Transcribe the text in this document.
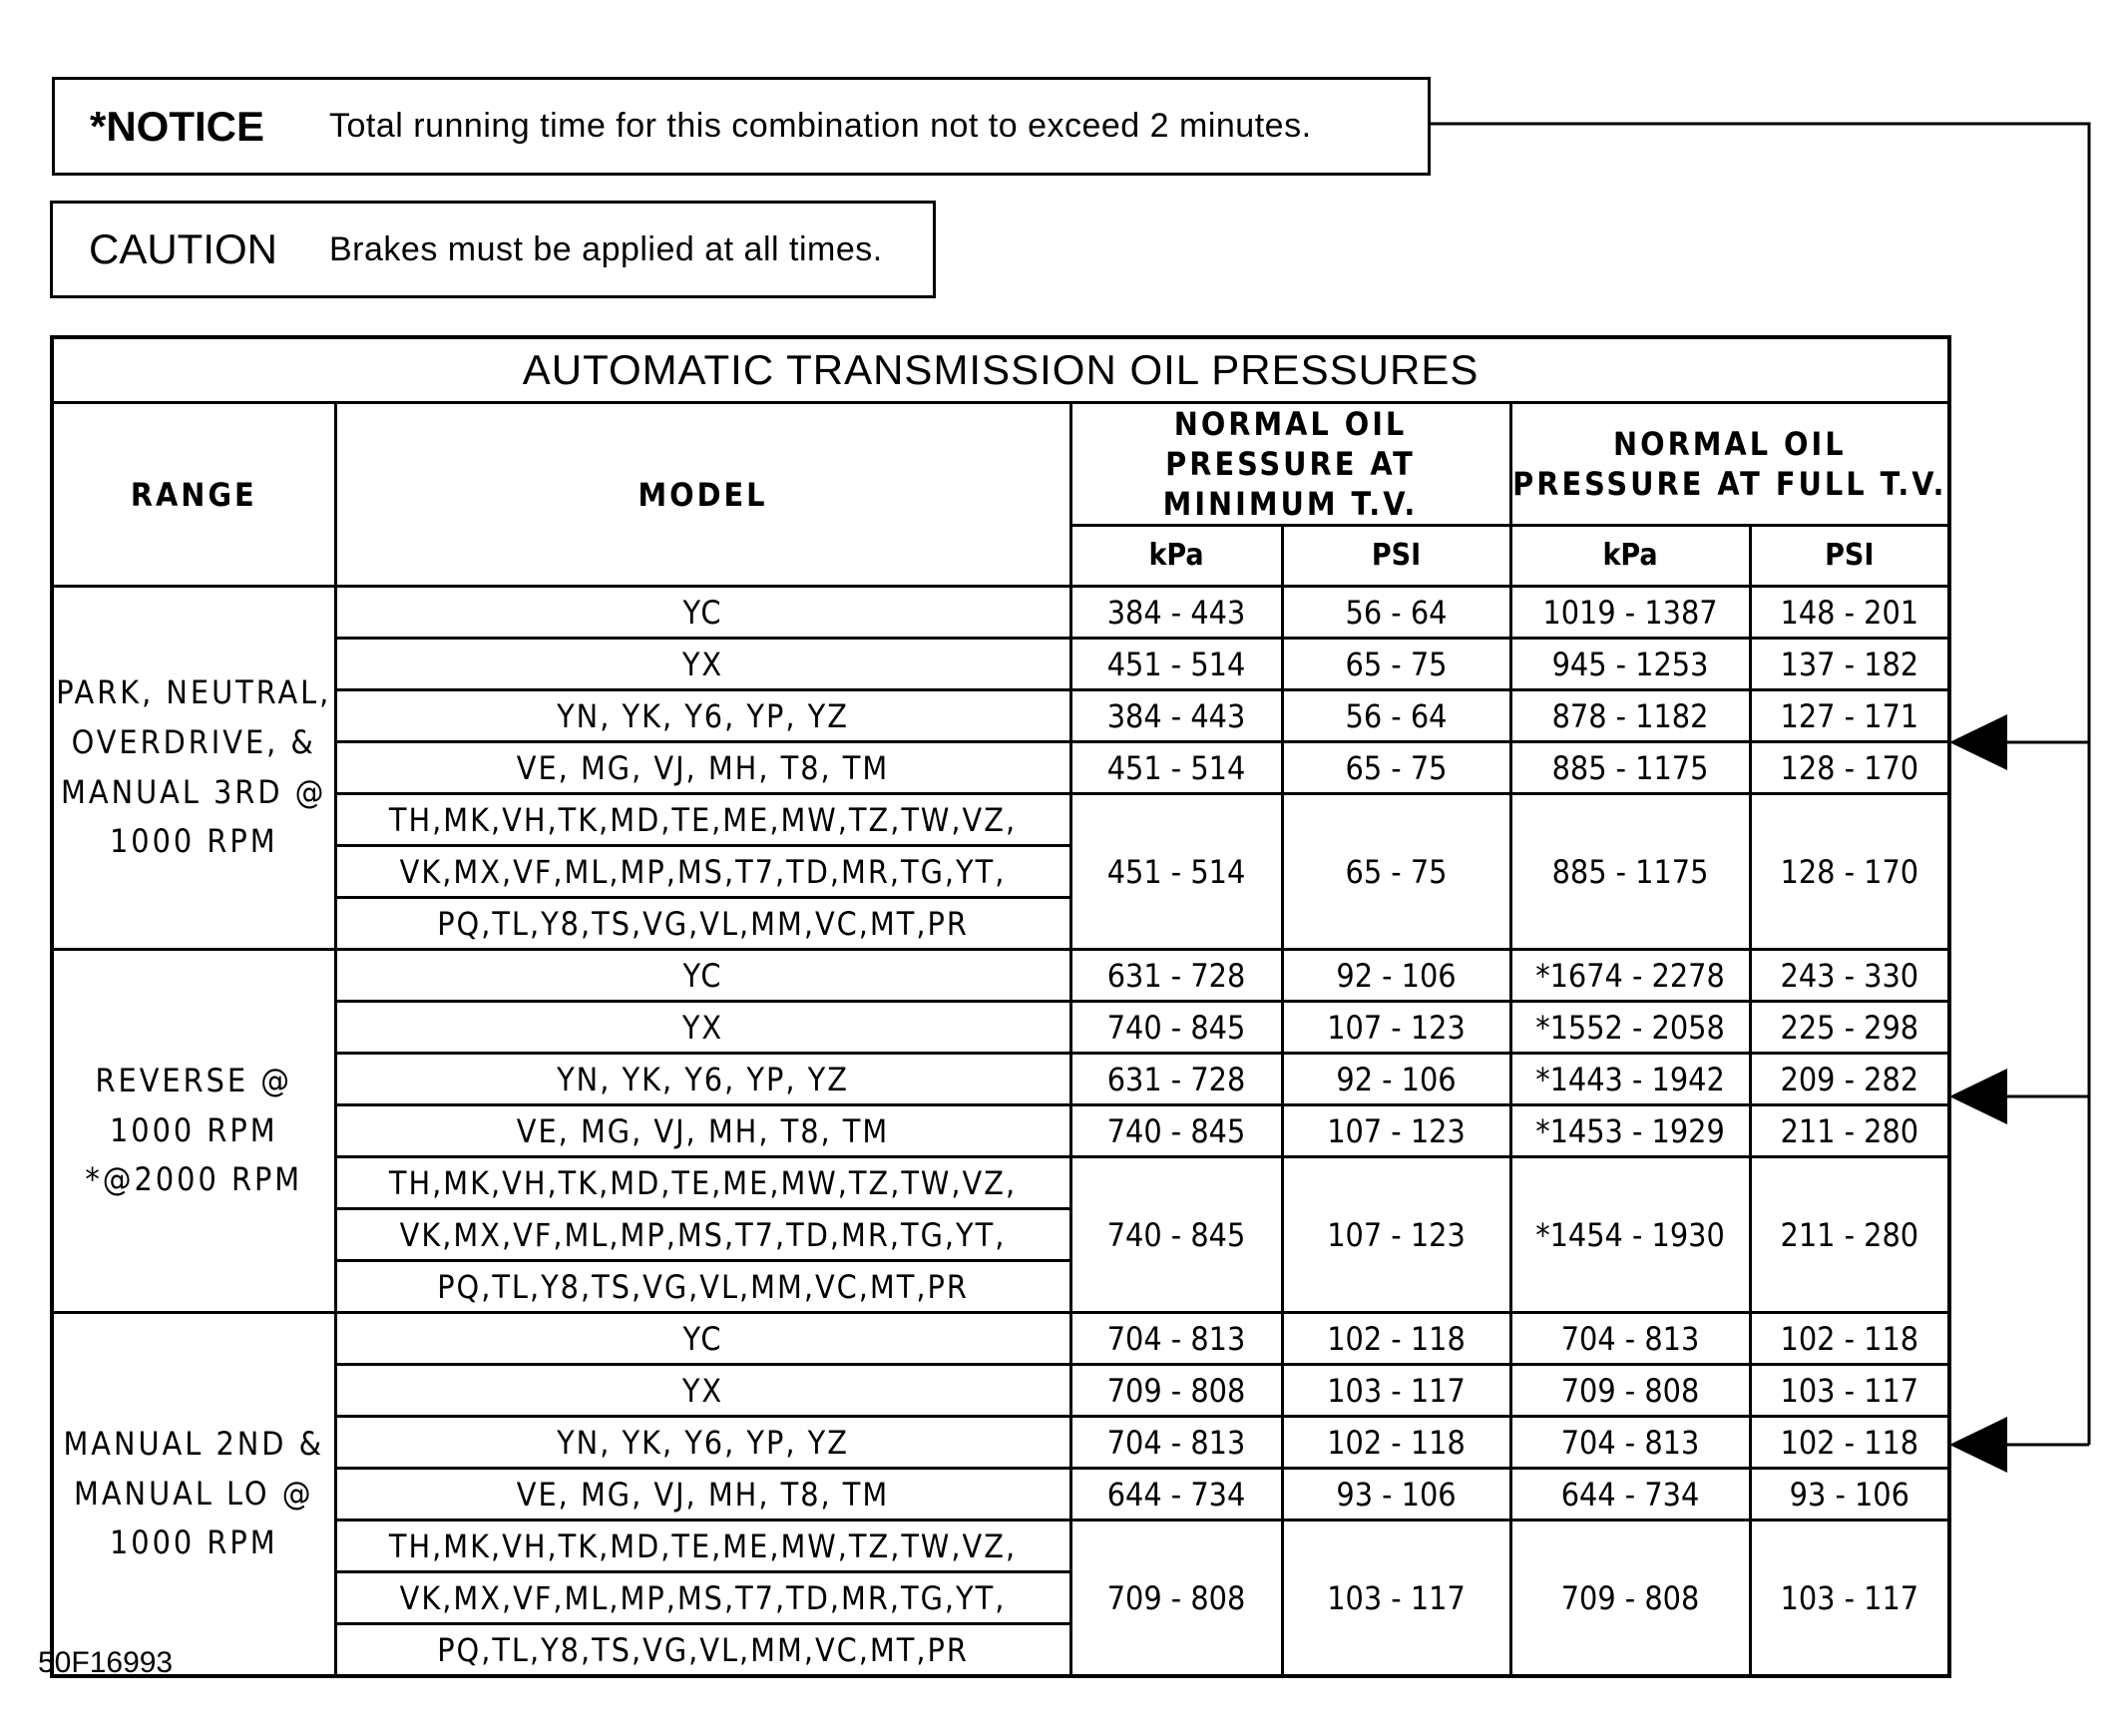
*NOTICE	Total running time for this combination not to exceed 2 minutes.
CAUTION	Brakes must be applied at all times.
AUTOMATIC TRANSMISSION OIL PRESSURES					
RANGE	MODEL	NORMAL OIL PRESSURE AT MINIMUM T.V.		NORMAL OIL PRESSURE AT FULL T.V.	
		kPa	PSI	kPa	PSI
PARK, NEUTRAL, OVERDRIVE, & MANUAL 3RD @ 1000 RPM	YC	384 - 443	56 - 64	1019 - 1387	148 - 201
	YX	451 - 514	65 - 75	945 - 1253	137 - 182
	YN, YK, Y6, YP, YZ	384 - 443	56 - 64	878 - 1182	127 - 171
	VE, MG, VJ, MH, T8, TM	451 - 514	65 - 75	885 - 1175	128 - 170
	TH,MK,VH,TK,MD,TE,ME,MW,TZ,TW,VZ,	451 - 514	65 - 75	885 - 1175	128 - 170
	VK,MX,VF,ML,MP,MS,T7,TD,MR,TG,YT,				
	PQ,TL,Y8,TS,VG,VL,MM,VC,MT,PR				
REVERSE @ 1000 RPM *@2000 RPM	YC	631 - 728	92 - 106	*1674 - 2278	243 - 330
	YX	740 - 845	107 - 123	*1552 - 2058	225 - 298
	YN, YK, Y6, YP, YZ	631 - 728	92 - 106	*1443 - 1942	209 - 282
	VE, MG, VJ, MH, T8, TM	740 - 845	107 - 123	*1453 - 1929	211 - 280
	TH,MK,VH,TK,MD,TE,ME,MW,TZ,TW,VZ,	740 - 845	107 - 123	*1454 - 1930	211 - 280
	VK,MX,VF,ML,MP,MS,T7,TD,MR,TG,YT,				
	PQ,TL,Y8,TS,VG,VL,MM,VC,MT,PR				
MANUAL 2ND & MANUAL LO @ 1000 RPM	YC	704 - 813	102 - 118	704 - 813	102 - 118
	YX	709 - 808	103 - 117	709 - 808	103 - 117
	YN, YK, Y6, YP, YZ	704 - 813	102 - 118	704 - 813	102 - 118
	VE, MG, VJ, MH, T8, TM	644 - 734	93 - 106	644 - 734	93 - 106
	TH,MK,VH,TK,MD,TE,ME,MW,TZ,TW,VZ,	709 - 808	103 - 117	709 - 808	103 - 117
	VK,MX,VF,ML,MP,MS,T7,TD,MR,TG,YT,				
	PQ,TL,Y8,TS,VG,VL,MM,VC,MT,PR				
50F16993
